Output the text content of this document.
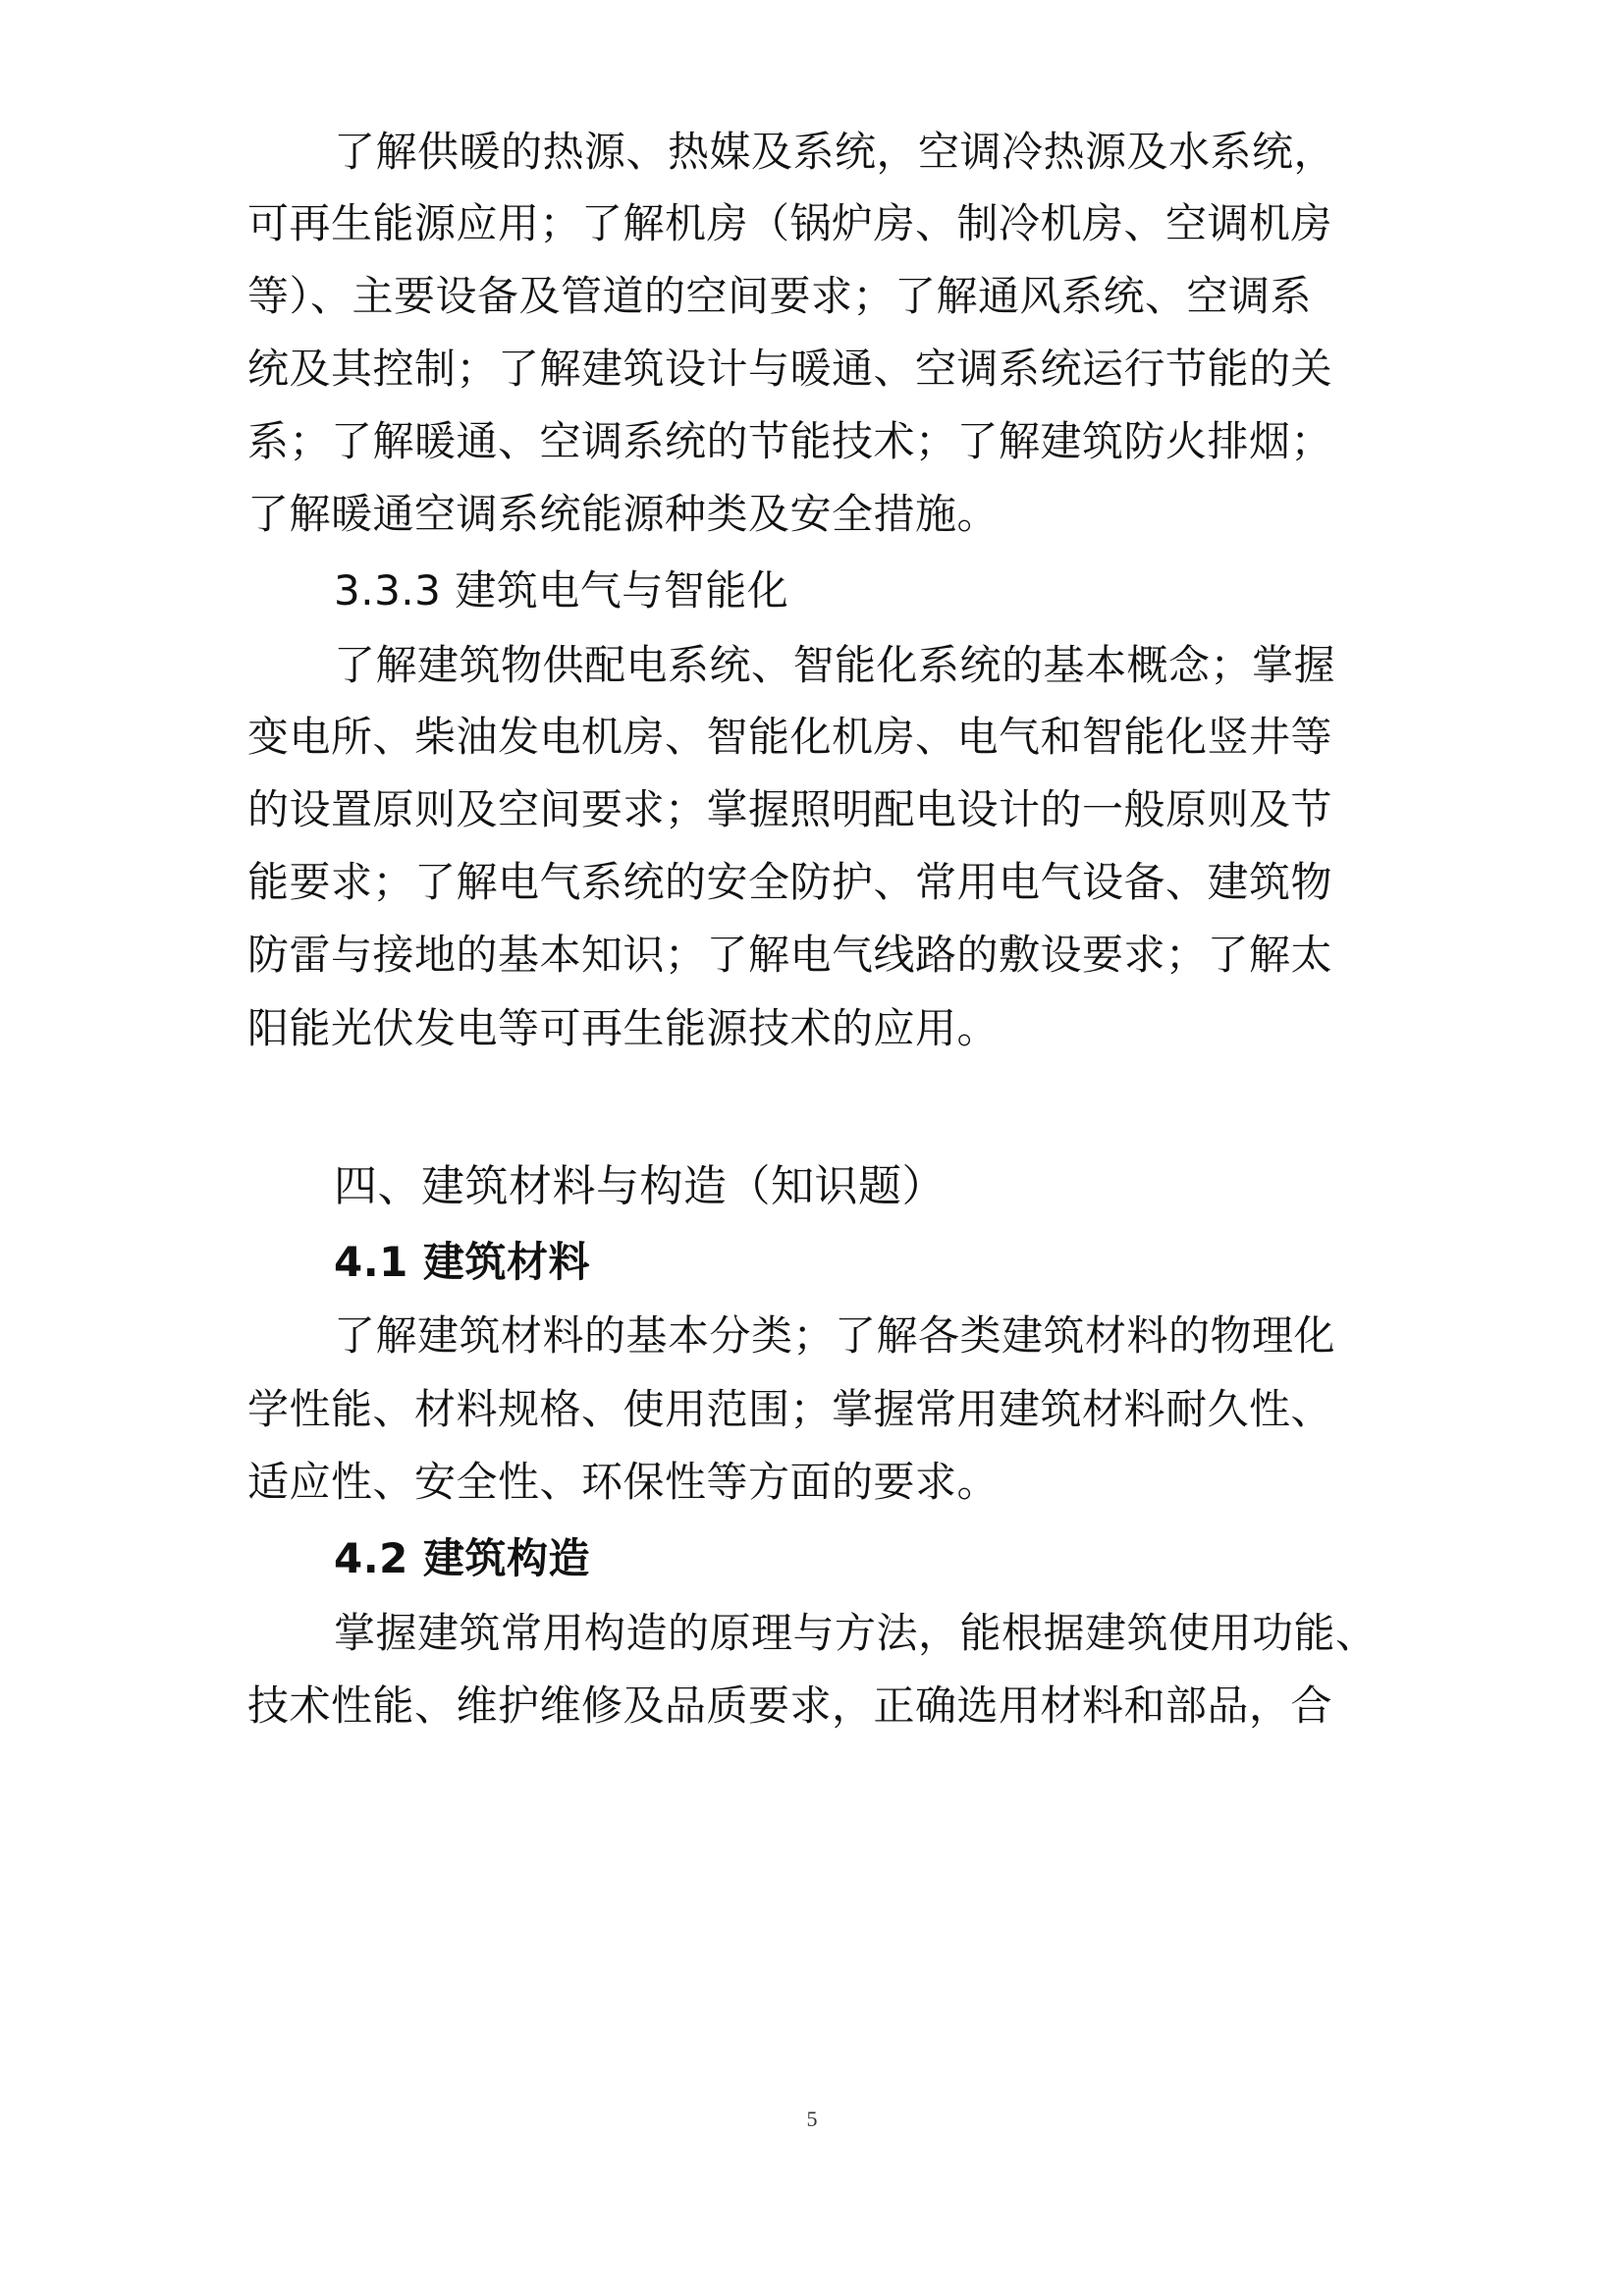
了解供暖的热源、热媒及系统，空调冷热源及水系统，
可再生能源应用；了解机房（锅炉房、制冷机房、空调机房
等）、主要设备及管道的空间要求；了解通风系统、空调系
统及其控制；了解建筑设计与暖通、空调系统运行节能的关
系；了解暖通、空调系统的节能技术；了解建筑防火排烟；
了解暖通空调系统能源种类及安全措施。
3.3.3 建筑电气与智能化
了解建筑物供配电系统、智能化系统的基本概念；掌握
变电所、柴油发电机房、智能化机房、电气和智能化竖井等
的设置原则及空间要求；掌握照明配电设计的一般原则及节
能要求；了解电气系统的安全防护、常用电气设备、建筑物
防雷与接地的基本知识；了解电气线路的敷设要求；了解太
阳能光伏发电等可再生能源技术的应用。
四、建筑材料与构造（知识题）
4.1 建筑材料
了解建筑材料的基本分类；了解各类建筑材料的物理化
学性能、材料规格、使用范围；掌握常用建筑材料耐久性、
适应性、安全性、环保性等方面的要求。
4.2 建筑构造
掌握建筑常用构造的原理与方法，能根据建筑使用功能、
技术性能、维护维修及品质要求，正确选用材料和部品，合
5
